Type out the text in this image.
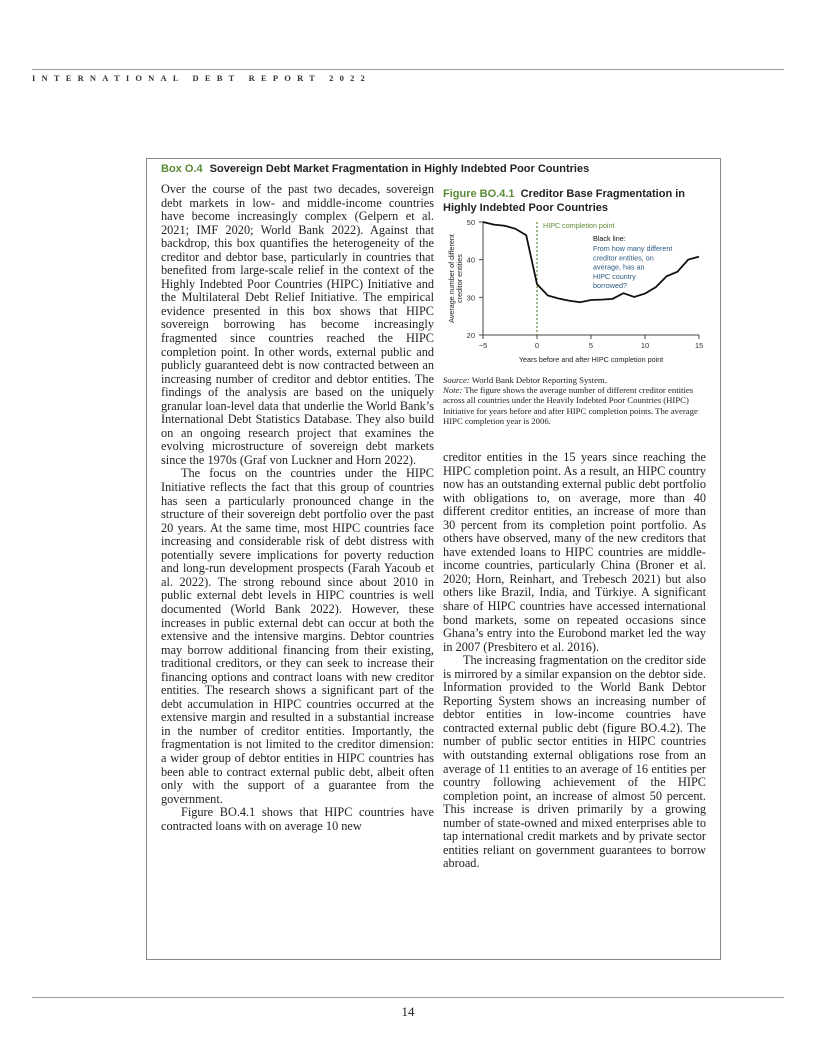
INTERNATIONAL DEBT REPORT 2022
Box O.4 Sovereign Debt Market Fragmentation in Highly Indebted Poor Countries

Over the course of the past two decades, sovereign debt markets in low- and middle-income countries have become increasingly complex (Gelpern et al. 2021; IMF 2020; World Bank 2022). Against that backdrop, this box quantifies the heterogeneity of the creditor and debtor base, particularly in countries that benefited from large-scale relief in the context of the Highly Indebted Poor Countries (HIPC) Initiative and the Multilateral Debt Relief Initiative. The empirical evidence presented in this box shows that HIPC sovereign borrowing has become increasingly fragmented since countries reached the HIPC completion point. In other words, external public and publicly guaranteed debt is now contracted between an increasing number of creditor and debtor entities. The findings of the analysis are based on the uniquely granular loan-level data that underlie the World Bank’s International Debt Statistics Database. They also build on an ongoing research project that examines the evolving microstructure of sovereign debt markets since the 1970s (Graf von Luckner and Horn 2022).

The focus on the countries under the HIPC Initiative reflects the fact that this group of countries has seen a particularly pronounced change in the structure of their sovereign debt portfolio over the past 20 years. At the same time, most HIPC countries face increasing and considerable risk of debt distress with potentially severe implications for poverty reduction and long-run development prospects (Farah Yacoub et al. 2022). The strong rebound since about 2010 in public external debt levels in HIPC countries is well documented (World Bank 2022). However, these increases in public external debt can occur at both the extensive and the intensive margins. Debtor countries may borrow additional financing from their existing, traditional creditors, or they can seek to increase their financing options and contract loans with new creditor entities. The research shows a significant part of the debt accumulation in HIPC countries occurred at the extensive margin and resulted in a substantial increase in the number of creditor entities. Importantly, the fragmentation is not limited to the creditor dimension: a wider group of debtor entities in HIPC countries has been able to contract external public debt, albeit often only with the support of a guarantee from the government.

Figure BO.4.1 shows that HIPC countries have contracted loans with on average 10 new

Figure BO.4.1 Creditor Base Fragmentation in Highly Indebted Poor Countries
20
30
40
50
−5	0	5	10	15
Years before and after HIPC completion point
Average number of different creditor entities
HIPC completion point
Black line:
From how many different
creditor entities, on
average, has an
HIPC country
borrowed?
Source: World Bank Debtor Reporting System.
Note: The figure shows the average number of different creditor entities across all countries under the Heavily Indebted Poor Countries (HIPC) Initiative for years before and after HIPC completion points. The average HIPC completion year is 2006.

creditor entities in the 15 years since reaching the HIPC completion point. As a result, an HIPC country now has an outstanding external public debt portfolio with obligations to, on average, more than 40 different creditor entities, an increase of more than 30 percent from its completion point portfolio. As others have observed, many of the new creditors that have extended loans to HIPC countries are middle-income countries, particularly China (Broner et al. 2020; Horn, Reinhart, and Trebesch 2021) but also others like Brazil, India, and Türkiye. A significant share of HIPC countries have accessed international bond markets, some on repeated occasions since Ghana’s entry into the Eurobond market led the way in 2007 (Presbitero et al. 2016).

The increasing fragmentation on the creditor side is mirrored by a similar expansion on the debtor side. Information provided to the World Bank Debtor Reporting System shows an increasing number of debtor entities in low-income countries have contracted external public debt (figure BO.4.2). The number of public sector entities in HIPC countries with outstanding external obligations rose from an average of 11 entities to an average of 16 entities per country following achievement of the HIPC completion point, an increase of almost 50 percent. This increase is driven primarily by a growing number of state-owned and mixed enterprises able to tap international credit markets and by private sector entities reliant on government guarantees to borrow abroad.

14
